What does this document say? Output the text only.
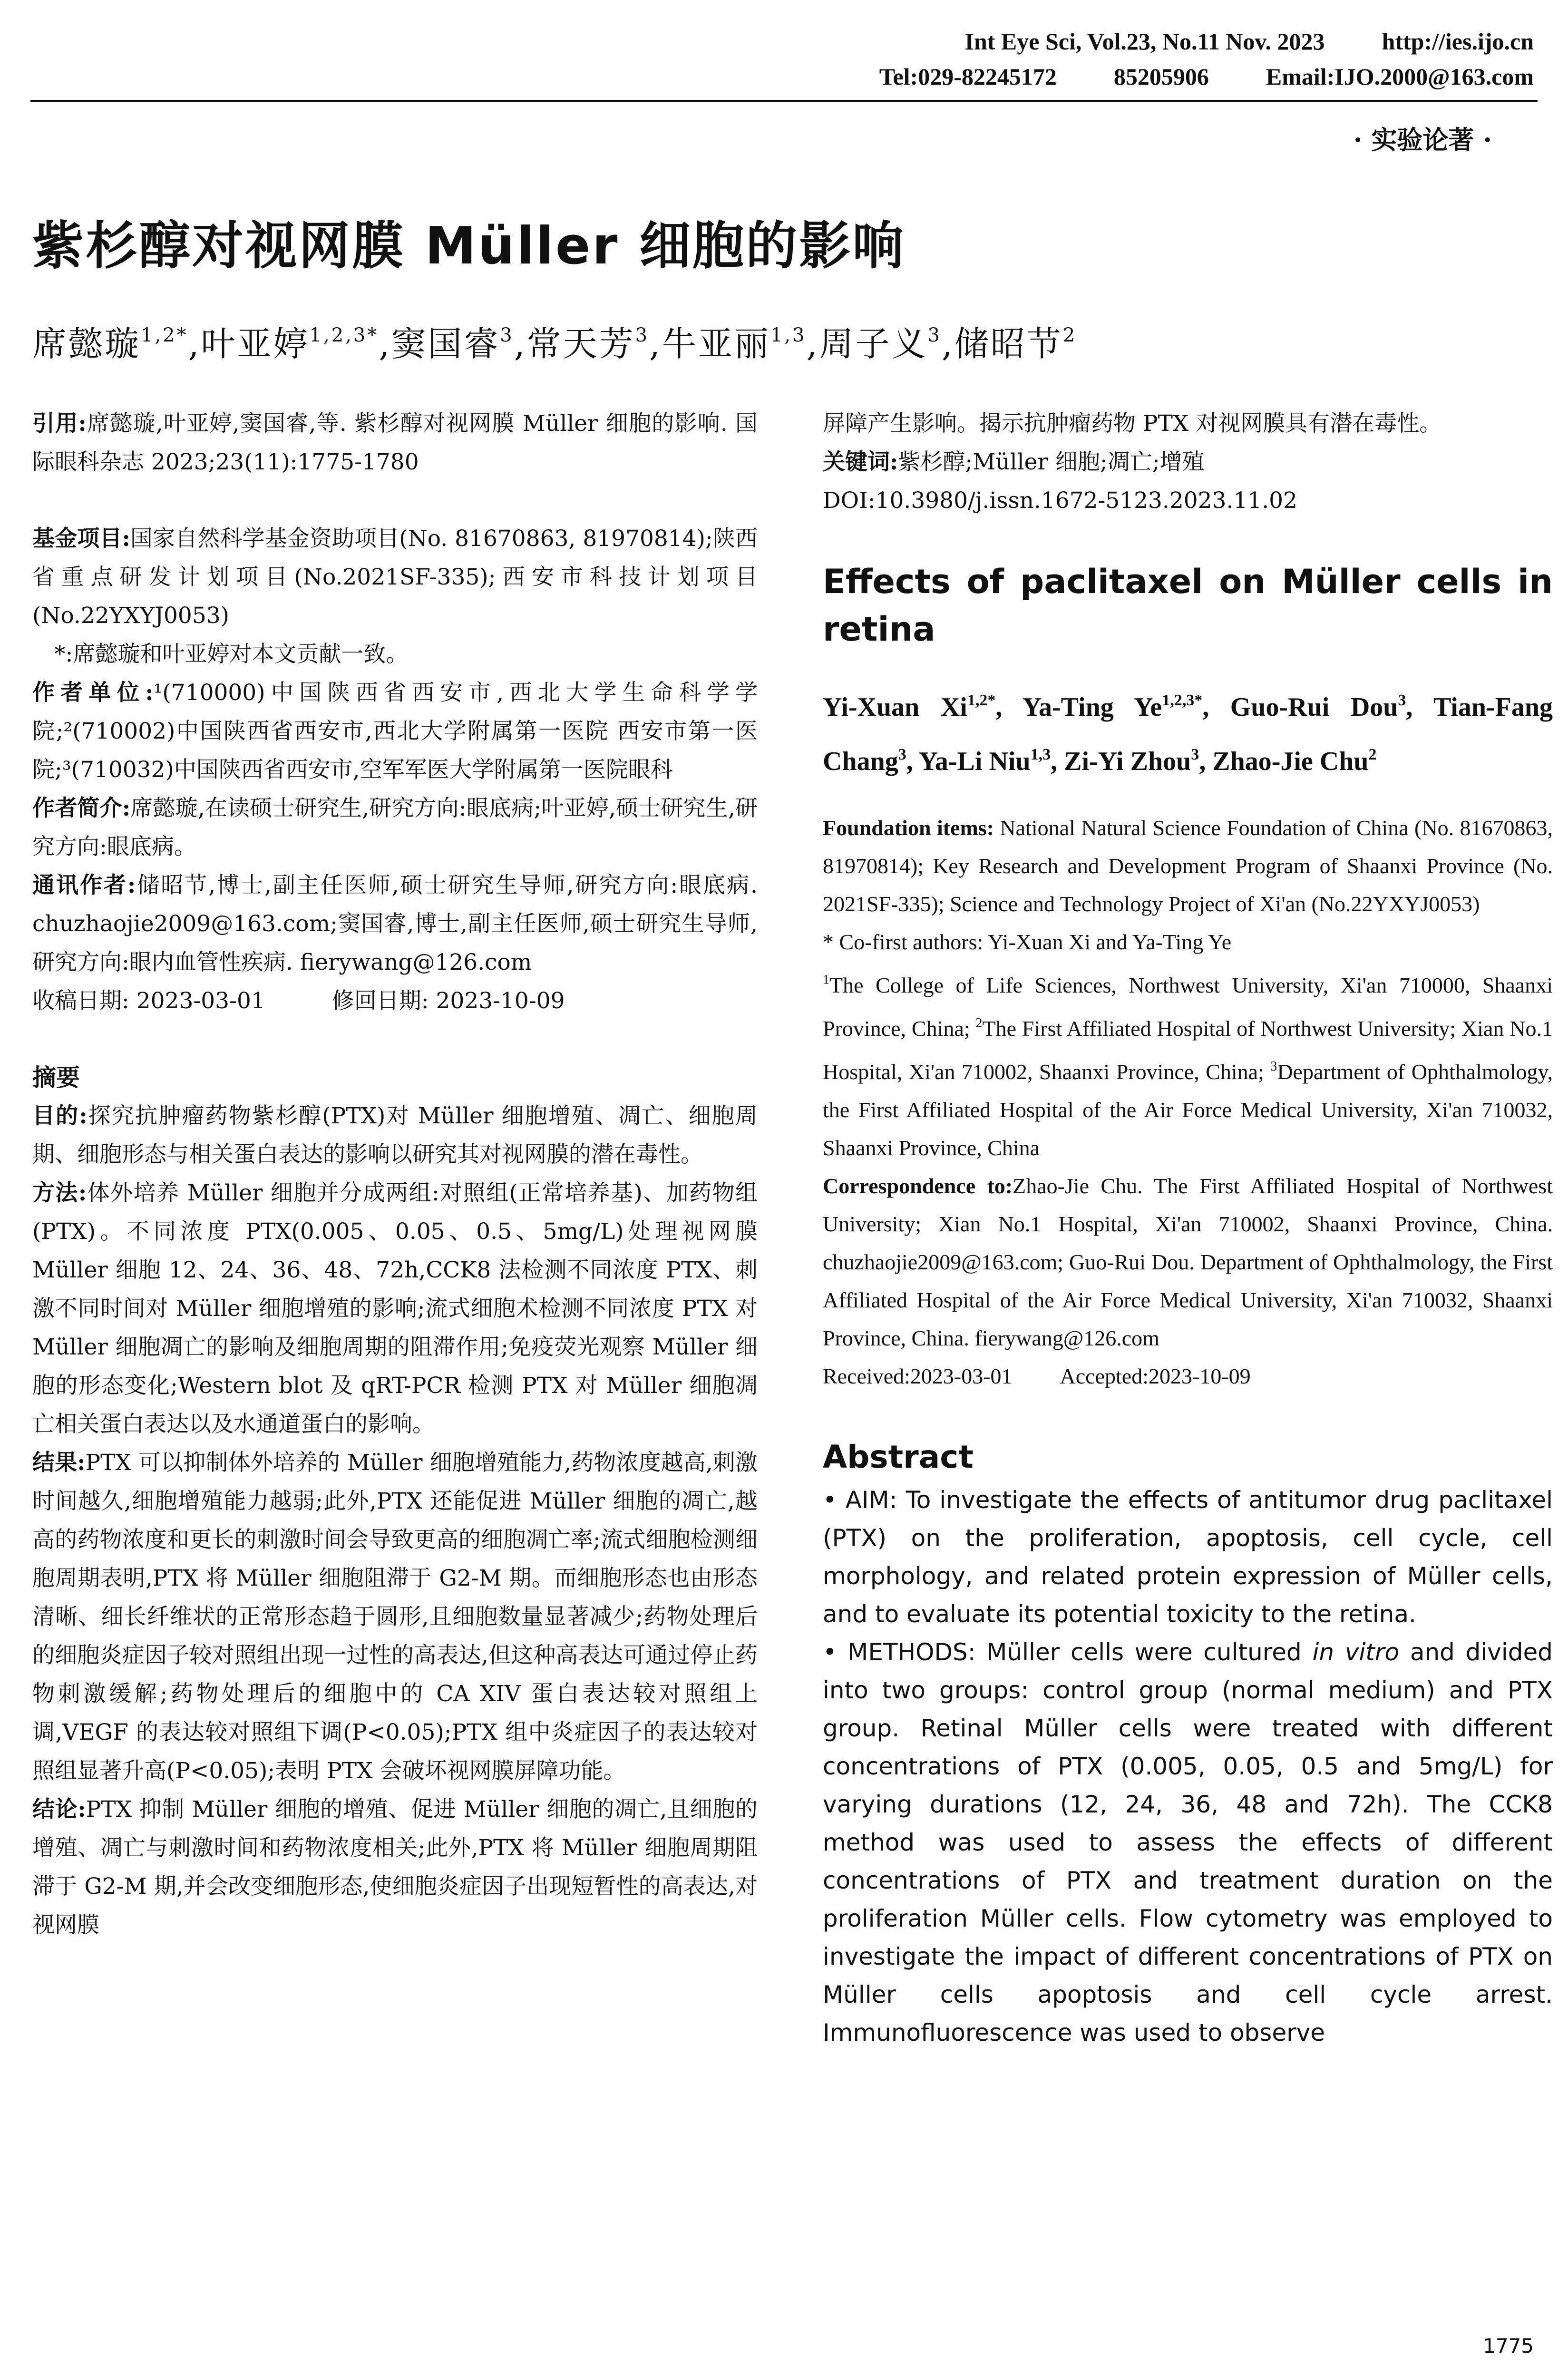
Int Eye Sci, Vol.23, No.11 Nov. 2023 http://ies.ijo.cn
Tel:029-82245172 85205906 Email:IJO.2000@163.com
· 实验论著 ·
紫杉醇对视网膜 Müller 细胞的影响
席懿璇$^{1,2*}$,叶亚婷$^{1,2,3*}$,窦国睿$^3$,常天芳$^3$,牛亚丽$^{1,3}$,周子义$^3$,储昭节$^2$

引用:席懿璇,叶亚婷,窦国睿,等. 紫杉醇对视网膜 Müller 细胞的影响. 国际眼科杂志 2023;23(11):1775-1780

基金项目:国家自然科学基金资助项目(No. 81670863, 81970814);陕西省重点研发计划项目(No.2021SF-335);西安市科技计划项目(No.22YXYJ0053)

*:席懿璇和叶亚婷对本文贡献一致。

作者单位:¹(710000)中国陕西省西安市,西北大学生命科学学院;²(710002)中国陕西省西安市,西北大学附属第一医院 西安市第一医院;³(710032)中国陕西省西安市,空军军医大学附属第一医院眼科

作者简介:席懿璇,在读硕士研究生,研究方向:眼底病;叶亚婷,硕士研究生,研究方向:眼底病。

通讯作者:储昭节,博士,副主任医师,硕士研究生导师,研究方向:眼底病. chuzhaojie2009@163.com;窦国睿,博士,副主任医师,硕士研究生导师,研究方向:眼内血管性疾病. fierywang@126.com

收稿日期: 2023-03-01	修回日期: 2023-10-09

摘要

目的:探究抗肿瘤药物紫杉醇(PTX)对 Müller 细胞增殖、凋亡、细胞周期、细胞形态与相关蛋白表达的影响以研究其对视网膜的潜在毒性。

方法:体外培养 Müller 细胞并分成两组:对照组(正常培养基)、加药物组(PTX)。不同浓度 PTX(0.005、0.05、0.5、5mg/L)处理视网膜 Müller 细胞 12、24、36、48、72h,CCK8 法检测不同浓度 PTX、刺激不同时间对 Müller 细胞增殖的影响;流式细胞术检测不同浓度 PTX 对 Müller 细胞凋亡的影响及细胞周期的阻滞作用;免疫荧光观察 Müller 细胞的形态变化;Western blot 及 qRT-PCR 检测 PTX 对 Müller 细胞凋亡相关蛋白表达以及水通道蛋白的影响。

结果:PTX 可以抑制体外培养的 Müller 细胞增殖能力,药物浓度越高,刺激时间越久,细胞增殖能力越弱;此外,PTX 还能促进 Müller 细胞的凋亡,越高的药物浓度和更长的刺激时间会导致更高的细胞凋亡率;流式细胞检测细胞周期表明,PTX 将 Müller 细胞阻滞于 G2-M 期。而细胞形态也由形态清晰、细长纤维状的正常形态趋于圆形,且细胞数量显著减少;药物处理后的细胞炎症因子较对照组出现一过性的高表达,但这种高表达可通过停止药物刺激缓解;药物处理后的细胞中的 CA XIV 蛋白表达较对照组上调,VEGF 的表达较对照组下调(P<0.05);PTX 组中炎症因子的表达较对照组显著升高(P<0.05);表明 PTX 会破坏视网膜屏障功能。

结论:PTX 抑制 Müller 细胞的增殖、促进 Müller 细胞的凋亡,且细胞的增殖、凋亡与刺激时间和药物浓度相关;此外,PTX 将 Müller 细胞周期阻滞于 G2-M 期,并会改变细胞形态,使细胞炎症因子出现短暂性的高表达,对视网膜

屏障产生影响。揭示抗肿瘤药物 PTX 对视网膜具有潜在毒性。

关键词:紫杉醇;Müller 细胞;凋亡;增殖

DOI:10.3980/j.issn.1672-5123.2023.11.02

Effects of paclitaxel on Müller cells in retina

Yi-Xuan $Xi^{1,2*}$, Ya-Ting $Ye^{1,2,3*}$, Guo-Rui Dou$^3$, Tian-Fang Chang$^3$, Ya-Li Niu$^{1,3}$, Zi-Yi Zhou$^3$, Zhao-Jie Chu$^2$

Foundation items: National Natural Science Foundation of China (No. 81670863, 81970814); Key Research and Development Program of Shaanxi Province (No. 2021SF-335); Science and Technology Project of Xi'an (No.22YXYJ0053)

* Co-first authors: Yi-Xuan Xi and Ya-Ting Ye

$^1$The College of Life Sciences, Northwest University, Xi'an 710000, Shaanxi Province, China; $^2$The First Affiliated Hospital of Northwest University; Xian No.1 Hospital, Xi'an 710002, Shaanxi Province, China; $^3$Department of Ophthalmology, the First Affiliated Hospital of the Air Force Medical University, Xi'an 710032, Shaanxi Province, China

Correspondence to:Zhao-Jie Chu. The First Affiliated Hospital of Northwest University; Xian No.1 Hospital, Xi'an 710002, Shaanxi Province, China. chuzhaojie2009@163.com; Guo-Rui Dou. Department of Ophthalmology, the First Affiliated Hospital of the Air Force Medical University, Xi'an 710032, Shaanxi Province, China. fierywang@126.com

Received:2023-03-01 Accepted:2023-10-09

Abstract

• AIM: To investigate the effects of antitumor drug paclitaxel (PTX) on the proliferation, apoptosis, cell cycle, cell morphology, and related protein expression of Müller cells, and to evaluate its potential toxicity to the retina.

• METHODS: Müller cells were cultured in vitro and divided into two groups: control group (normal medium) and PTX group. Retinal Müller cells were treated with different concentrations of PTX (0.005, 0.05, 0.5 and 5mg/L) for varying durations (12, 24, 36, 48 and 72h). The CCK8 method was used to assess the effects of different concentrations of PTX and treatment duration on the proliferation Müller cells. Flow cytometry was employed to investigate the impact of different concentrations of PTX on Müller cells apoptosis and cell cycle arrest. Immunofluorescence was used to observe

1775
